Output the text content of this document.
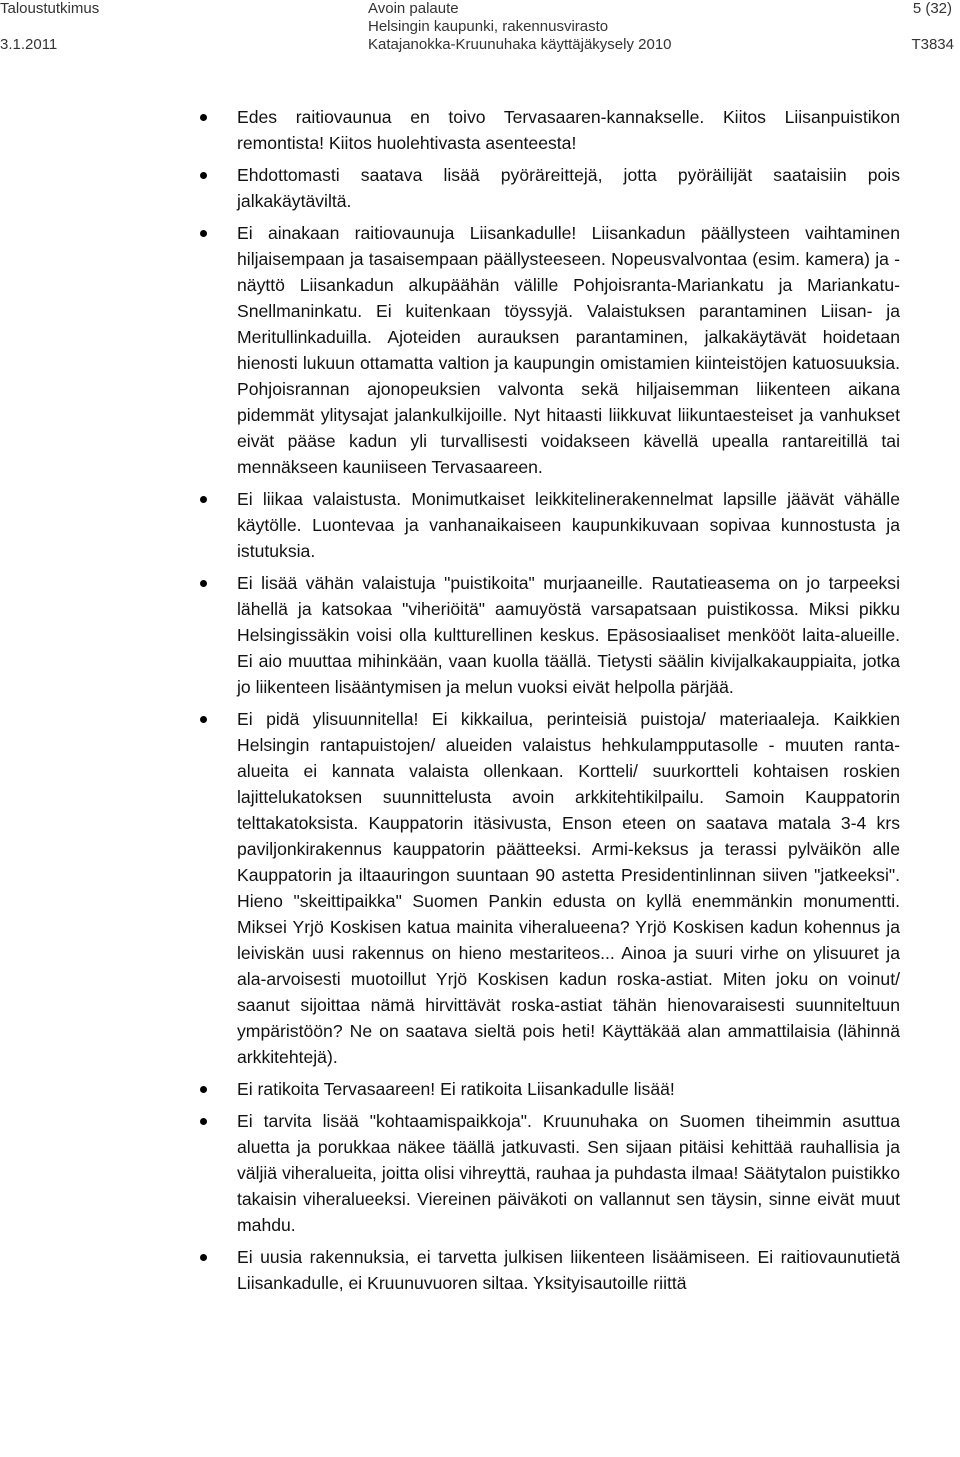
Taloustutkimus
3.1.2011
Avoin palaute
Helsingin kaupunki, rakennusvirasto
Katajanokka-Kruunuhaka käyttäjäkysely 2010
5 (32)
T3834
Edes raitiovaunua en toivo Tervasaaren-kannakselle. Kiitos Liisanpuistikon remontista! Kiitos huolehtivasta asenteesta!
Ehdottomasti saatava lisää pyöräreittejä, jotta pyöräilijät saataisiin pois jalkakäytäviltä.
Ei ainakaan raitiovaunuja Liisankadulle! Liisankadun päällysteen vaihtaminen hiljaisempaan ja tasaisempaan päällysteeseen. Nopeusvalvontaa (esim. kamera) ja -näyttö Liisankadun alkupäähän välille Pohjoisranta-Mariankatu ja Mariankatu- Snellmaninkatu. Ei kuitenkaan töyssyjä. Valaistuksen parantaminen Liisan- ja Meritullinkaduilla. Ajoteiden aurauksen parantaminen, jalkakäytävät hoidetaan hienosti lukuun ottamatta valtion ja kaupungin omistamien kiinteistöjen katuosuuksia. Pohjoisrannan ajonopeuksien valvonta sekä hiljaisemman liikenteen aikana pidemmät ylitysajat jalankulkijoille. Nyt hitaasti liikkuvat liikuntaesteiset ja vanhukset eivät pääse kadun yli turvallisesti voidakseen kävellä upealla rantareitillä tai mennäkseen kauniiseen Tervasaareen.
Ei liikaa valaistusta. Monimutkaiset leikkitelinerakennelmat lapsille jäävät vähälle käytölle. Luontevaa ja vanhanaikaiseen kaupunkikuvaan sopivaa kunnostusta ja istutuksia.
Ei lisää vähän valaistuja "puistikoita" murjaaneille. Rautatieasema on jo tarpeeksi lähellä ja katsokaa "viheriöitä" aamuyöstä varsapatsaan puistikossa. Miksi pikku Helsingissäkin voisi olla kultturellinen keskus. Epäsosiaaliset menkööt laita-alueille. Ei aio muuttaa mihinkään, vaan kuolla täällä. Tietysti säälin kivijalkakauppiaita, jotka jo liikenteen lisääntymisen ja melun vuoksi eivät helpolla pärjää.
Ei pidä ylisuunnitella! Ei kikkailua, perinteisiä puistoja/ materiaaleja. Kaikkien Helsingin rantapuistojen/ alueiden valaistus hehkulampputasolle - muuten ranta-alueita ei kannata valaista ollenkaan. Kortteli/ suurkortteli kohtaisen roskien lajittelukatoksen suunnittelusta avoin arkkitehtikilpailu. Samoin Kauppatorin telttakatoksista. Kauppatorin itäsivusta, Enson eteen on saatava matala 3-4 krs paviljonkirakennus kauppatorin päätteeksi. Armi-keksus ja terassi pylväikön alle Kauppatorin ja iltaauringon suuntaan 90 astetta Presidentinlinnan siiven "jatkeeksi". Hieno "skeittipaikka" Suomen Pankin edusta on kyllä enemmänkin monumentti. Miksei Yrjö Koskisen katua mainita viheralueena? Yrjö Koskisen kadun kohennus ja leiviskän uusi rakennus on hieno mestariteos... Ainoa ja suuri virhe on ylisuuret ja ala-arvoisesti muotoillut Yrjö Koskisen kadun roska-astiat. Miten joku on voinut/ saanut sijoittaa nämä hirvittävät roska-astiat tähän hienovaraisesti suunniteltuun ympäristöön? Ne on saatava sieltä pois heti! Käyttäkää alan ammattilaisia (lähinnä arkkitehtejä).
Ei ratikoita Tervasaareen! Ei ratikoita Liisankadulle lisää!
Ei tarvita lisää "kohtaamispaikkoja". Kruunuhaka on Suomen tiheimmin asuttua aluetta ja porukkaa näkee täällä jatkuvasti. Sen sijaan pitäisi kehittää rauhallisia ja väljiä viheralueita, joitta olisi vihreyttä, rauhaa ja puhdasta ilmaa! Säätytalon puistikko takaisin viheralueeksi. Viereinen päiväkoti on vallannut sen täysin, sinne eivät muut mahdu.
Ei uusia rakennuksia, ei tarvetta julkisen liikenteen lisäämiseen. Ei raitiovaunutietä Liisankadulle, ei Kruunuvuoren siltaa. Yksityisautoille riittä
